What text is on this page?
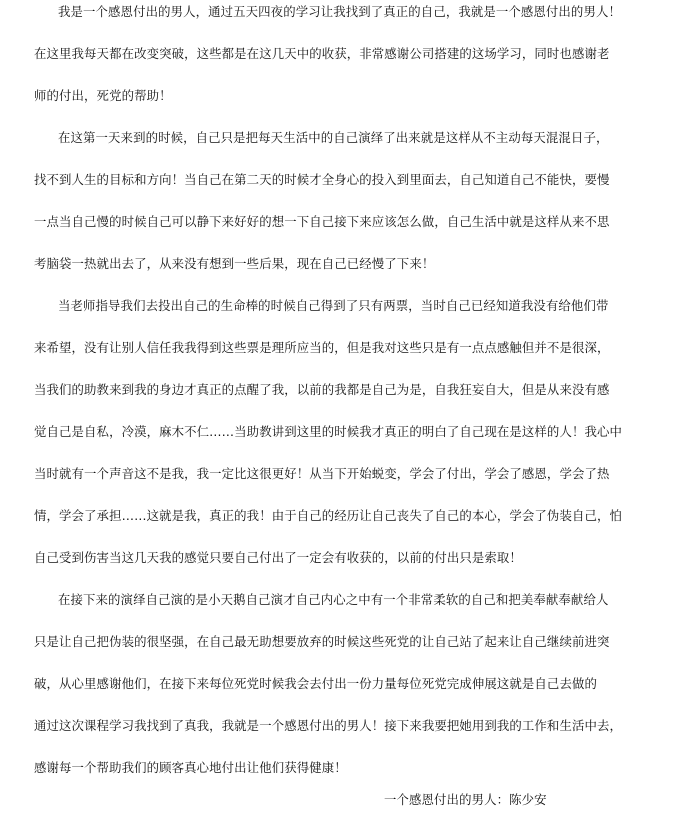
我是一个感恩付出的男人，通过五天四夜的学习让我找到了真正的自己，我就是一个感恩付出的男人！
在这里我每天都在改变突破，这些都是在这几天中的收获，非常感谢公司搭建的这场学习，同时也感谢老
师的付出，死党的帮助！
在这第一天来到的时候，自己只是把每天生活中的自己演绎了出来就是这样从不主动每天混混日子，
找不到人生的目标和方向！当自己在第二天的时候才全身心的投入到里面去，自己知道自己不能快，要慢
一点当自己慢的时候自己可以静下来好好的想一下自己接下来应该怎么做，自己生活中就是这样从来不思
考脑袋一热就出去了，从来没有想到一些后果，现在自己已经慢了下来！
当老师指导我们去投出自己的生命棒的时候自己得到了只有两票，当时自己已经知道我没有给他们带
来希望，没有让别人信任我我得到这些票是理所应当的，但是我对这些只是有一点点感触但并不是很深，
当我们的助教来到我的身边才真正的点醒了我，以前的我都是自己为是，自我狂妄自大，但是从来没有感
觉自己是自私，冷漠，麻木不仁……当助教讲到这里的时候我才真正的明白了自己现在是这样的人！我心中
当时就有一个声音这不是我，我一定比这很更好！从当下开始蜕变，学会了付出，学会了感恩，学会了热
情，学会了承担……这就是我，真正的我！由于自己的经历让自己丧失了自己的本心，学会了伪装自己，怕
自己受到伤害当这几天我的感觉只要自己付出了一定会有收获的，以前的付出只是索取！
在接下来的演绎自己演的是小天鹅自己演才自己内心之中有一个非常柔软的自己和把美奉献奉献给人
只是让自己把伪装的很坚强，在自己最无助想要放弃的时候这些死党的让自己站了起来让自己继续前进突
破，从心里感谢他们，在接下来每位死党时候我会去付出一份力量每位死党完成伸展这就是自己去做的
通过这次课程学习我找到了真我，我就是一个感恩付出的男人！接下来我要把她用到我的工作和生活中去，
感谢每一个帮助我们的顾客真心地付出让他们获得健康！
一个感恩付出的男人：陈少安
